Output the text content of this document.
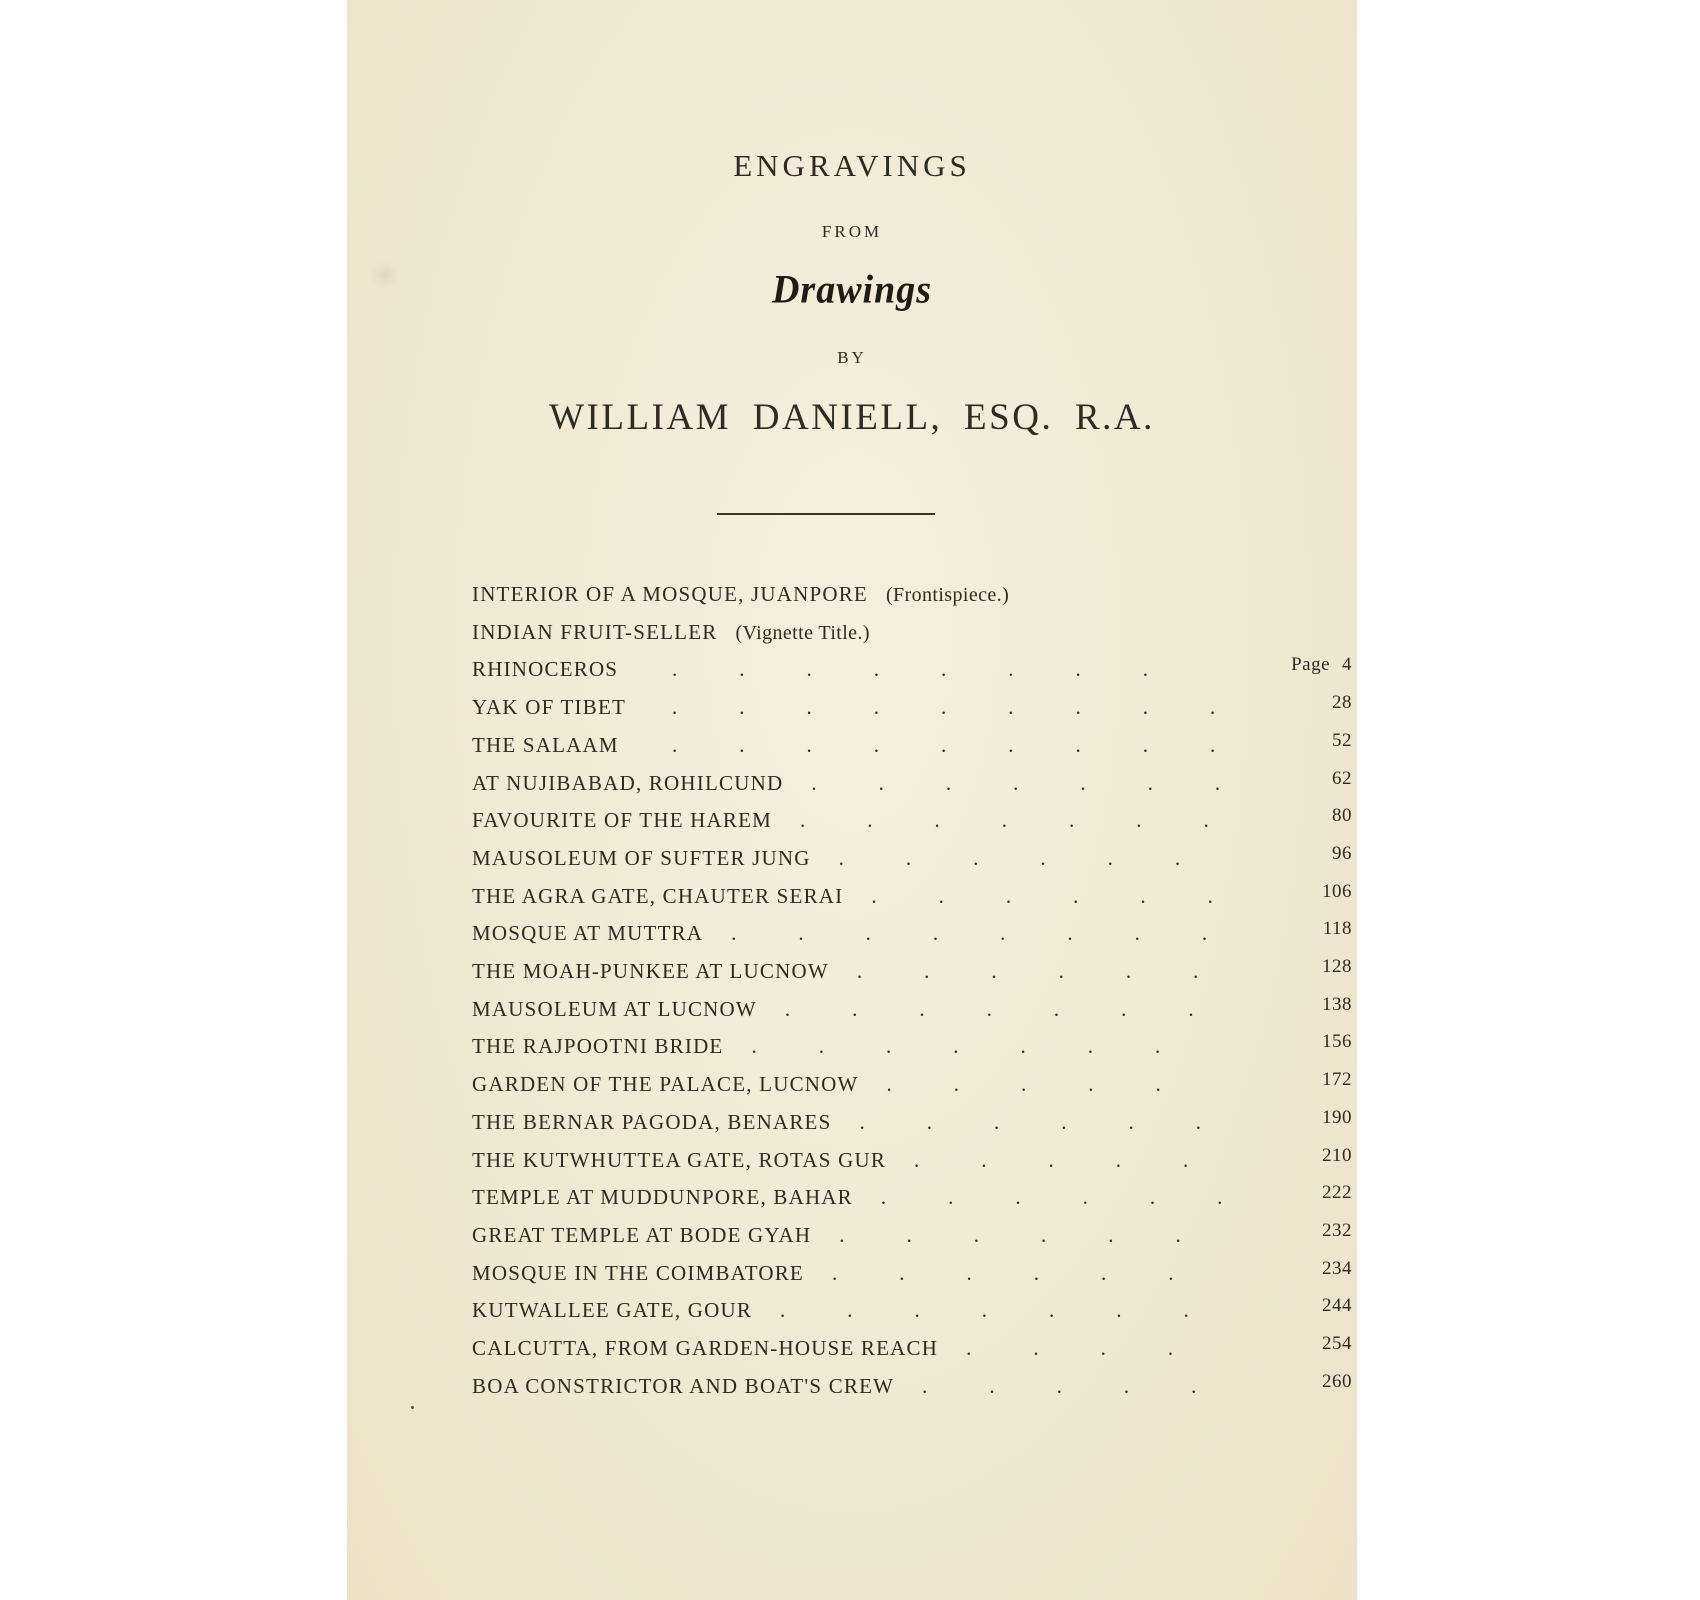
ENGRAVINGS
FROM
Drawings
BY
WILLIAM DANIELL, ESQ. R.A.
INTERIOR OF A MOSQUE, JUANPORE (Frontispiece.)
INDIAN FRUIT-SELLER (Vignette Title.)
RHINOCEROS	........	Page 4
YAK OF TIBET .........	28
THE SALAAM	.........	52
AT NUJIBABAD, ROHILCUND .......	62
FAVOURITE OF THE HAREM .......	80
MAUSOLEUM OF SUFTER JUNG ......	96
THE AGRA GATE, CHAUTER SERAI ...... 106
MOSQUE AT MUTTRA ........	118
THE MOAH-PUNKEE AT LUCNOW ......	128
MAUSOLEUM AT LUCNOW .......	138
THE RAJPOOTNI BRIDE .......	156
GARDEN OF THE PALACE, LUCNOW .....	172
THE BERNAR PAGODA, BENARES ......	190
THE KUTWHUTTEA GATE, ROTAS GUR .....	210
TEMPLE AT MUDDUNPORE, BAHAR ...... 222
GREAT TEMPLE AT BODE GYAH ......	232
MOSQUE IN THE COIMBATORE ......	234
KUTWALLEE GATE, GOUR .......	244
CALCUTTA, FROM GARDEN-HOUSE REACH ....	254
BOA CONSTRICTOR AND BOAT'S CREW .....	260
